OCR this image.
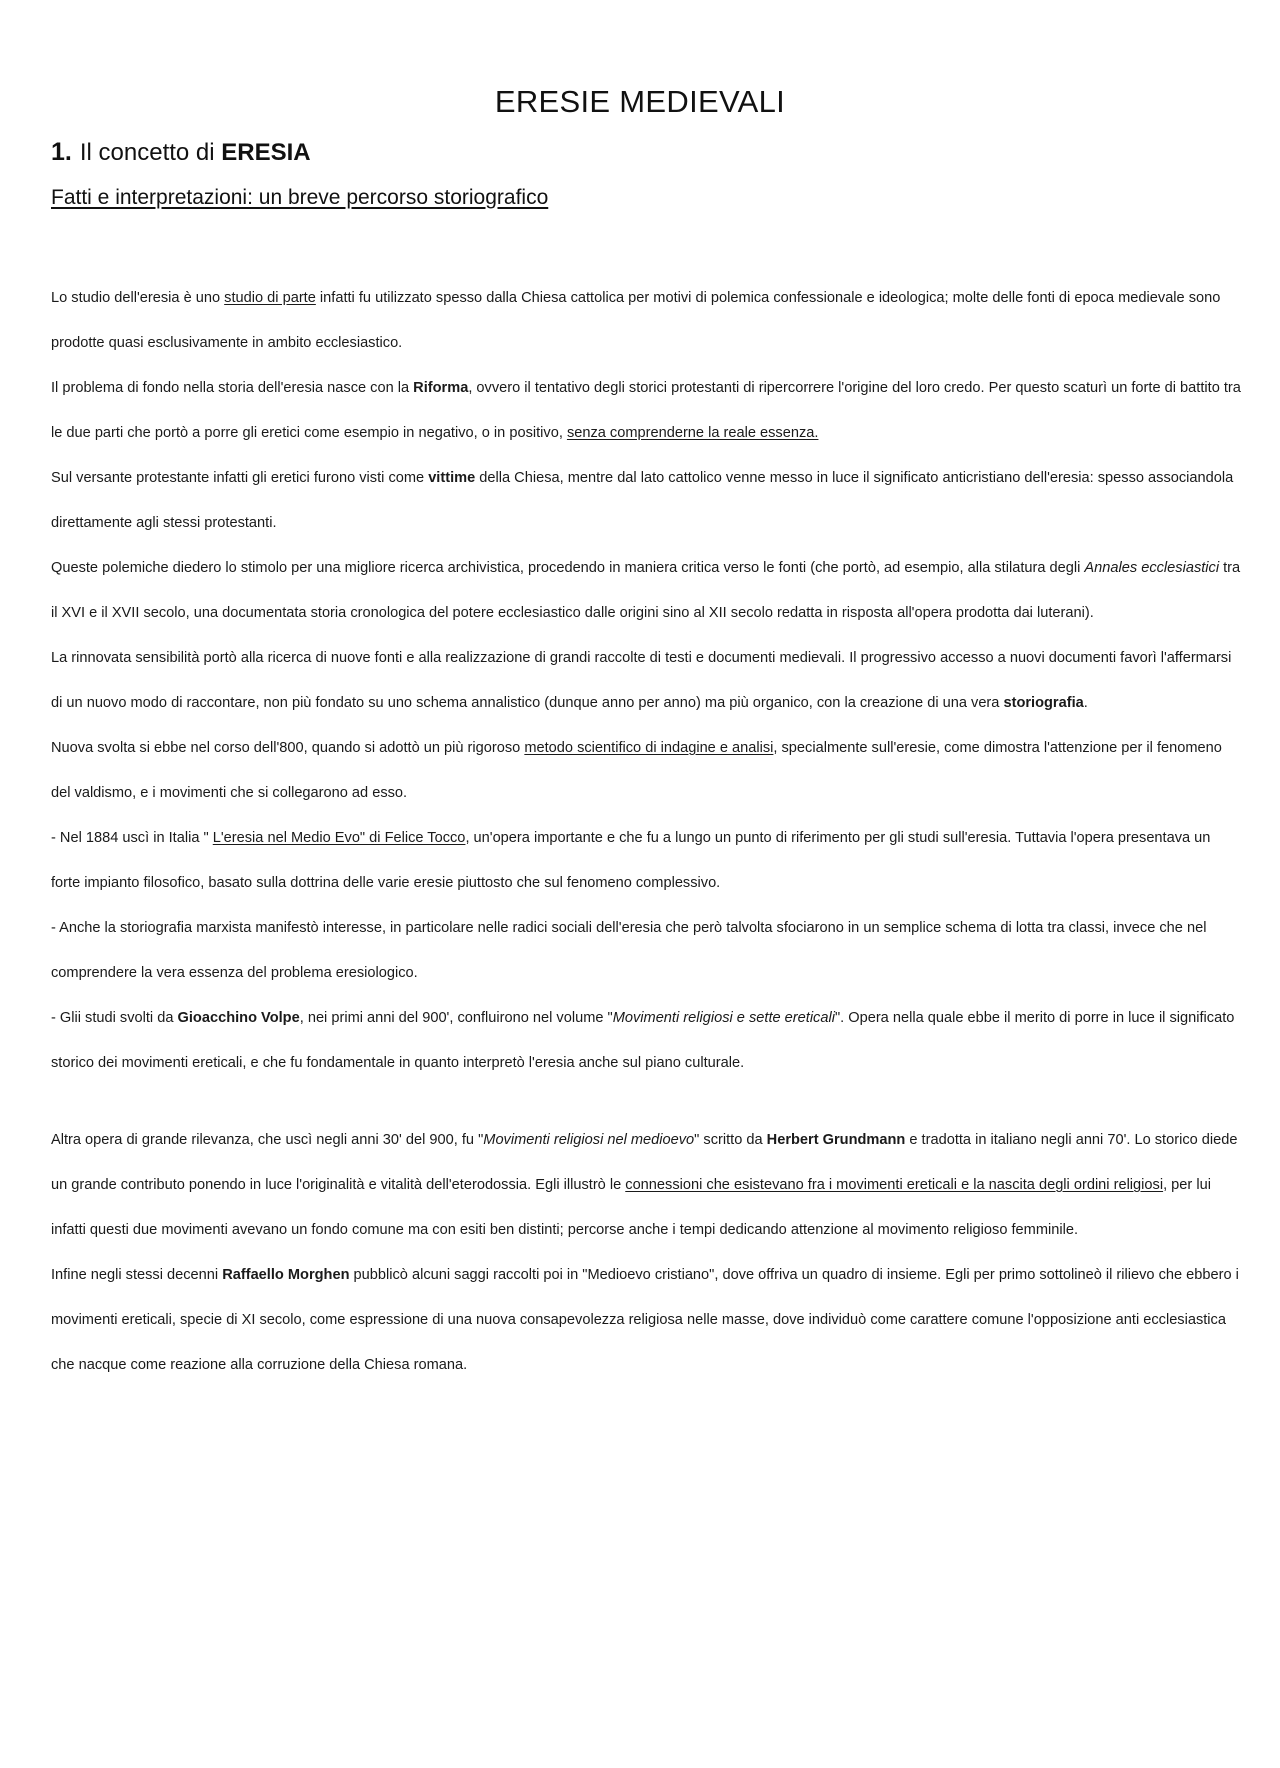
ERESIE MEDIEVALI
1. Il concetto di ERESIA
Fatti e interpretazioni: un breve percorso storiografico

Lo studio dell'eresia è uno studio di parte infatti fu utilizzato spesso dalla Chiesa cattolica per motivi di polemica confessionale e ideologica; molte delle fonti di epoca medievale sono prodotte quasi esclusivamente in ambito ecclesiastico.

Il problema di fondo nella storia dell'eresia nasce con la Riforma, ovvero il tentativo degli storici protestanti di ripercorrere l'origine del loro credo. Per questo scaturì un forte di battito tra le due parti che portò a porre gli eretici come esempio in negativo, o in positivo, senza comprenderne la reale essenza.

Sul versante protestante infatti gli eretici furono visti come vittime della Chiesa, mentre dal lato cattolico venne messo in luce il significato anticristiano dell'eresia: spesso associandola direttamente agli stessi protestanti.

Queste polemiche diedero lo stimolo per una migliore ricerca archivistica, procedendo in maniera critica verso le fonti (che portò, ad esempio, alla stilatura degli Annales ecclesiastici tra il XVI e il XVII secolo, una documentata storia cronologica del potere ecclesiastico dalle origini sino al XII secolo redatta in risposta all'opera prodotta dai luterani).

La rinnovata sensibilità portò alla ricerca di nuove fonti e alla realizzazione di grandi raccolte di testi e documenti medievali. Il progressivo accesso a nuovi documenti favorì l'affermarsi di un nuovo modo di raccontare, non più fondato su uno schema annalistico (dunque anno per anno) ma più organico, con la creazione di una vera storiografia.

Nuova svolta si ebbe nel corso dell'800, quando si adottò un più rigoroso metodo scientifico di indagine e analisi, specialmente sull'eresie, come dimostra l'attenzione per il fenomeno del valdismo, e i movimenti che si collegarono ad esso.

- Nel 1884 uscì in Italia " L'eresia nel Medio Evo" di Felice Tocco, un'opera importante e che fu a lungo un punto di riferimento per gli studi sull'eresia. Tuttavia l'opera presentava un forte impianto filosofico, basato sulla dottrina delle varie eresie piuttosto che sul fenomeno complessivo.

- Anche la storiografia marxista manifestò interesse, in particolare nelle radici sociali dell'eresia che però talvolta sfociarono in un semplice schema di lotta tra classi, invece che nel comprendere la vera essenza del problema eresiologico.

- Glii studi svolti da Gioacchino Volpe, nei primi anni del 900', confluirono nel volume "Movimenti religiosi e sette ereticali". Opera nella quale ebbe il merito di porre in luce il significato storico dei movimenti ereticali, e che fu fondamentale in quanto interpretò l'eresia anche sul piano culturale.

Altra opera di grande rilevanza, che uscì negli anni 30' del 900, fu "Movimenti religiosi nel medioevo" scritto da Herbert Grundmann e tradotta in italiano negli anni 70'. Lo storico diede un grande contributo ponendo in luce l'originalità e vitalità dell'eterodossia. Egli illustrò le connessioni che esistevano fra i movimenti ereticali e la nascita degli ordini religiosi, per lui infatti questi due movimenti avevano un fondo comune ma con esiti ben distinti; percorse anche i tempi dedicando attenzione al movimento religioso femminile.

Infine negli stessi decenni Raffaello Morghen pubblicò alcuni saggi raccolti poi in "Medioevo cristiano", dove offriva un quadro di insieme. Egli per primo sottolineò il rilievo che ebbero i movimenti ereticali, specie di XI secolo, come espressione di una nuova consapevolezza religiosa nelle masse, dove individuò come carattere comune l'opposizione anti ecclesiastica che nacque come reazione alla corruzione della Chiesa romana.
